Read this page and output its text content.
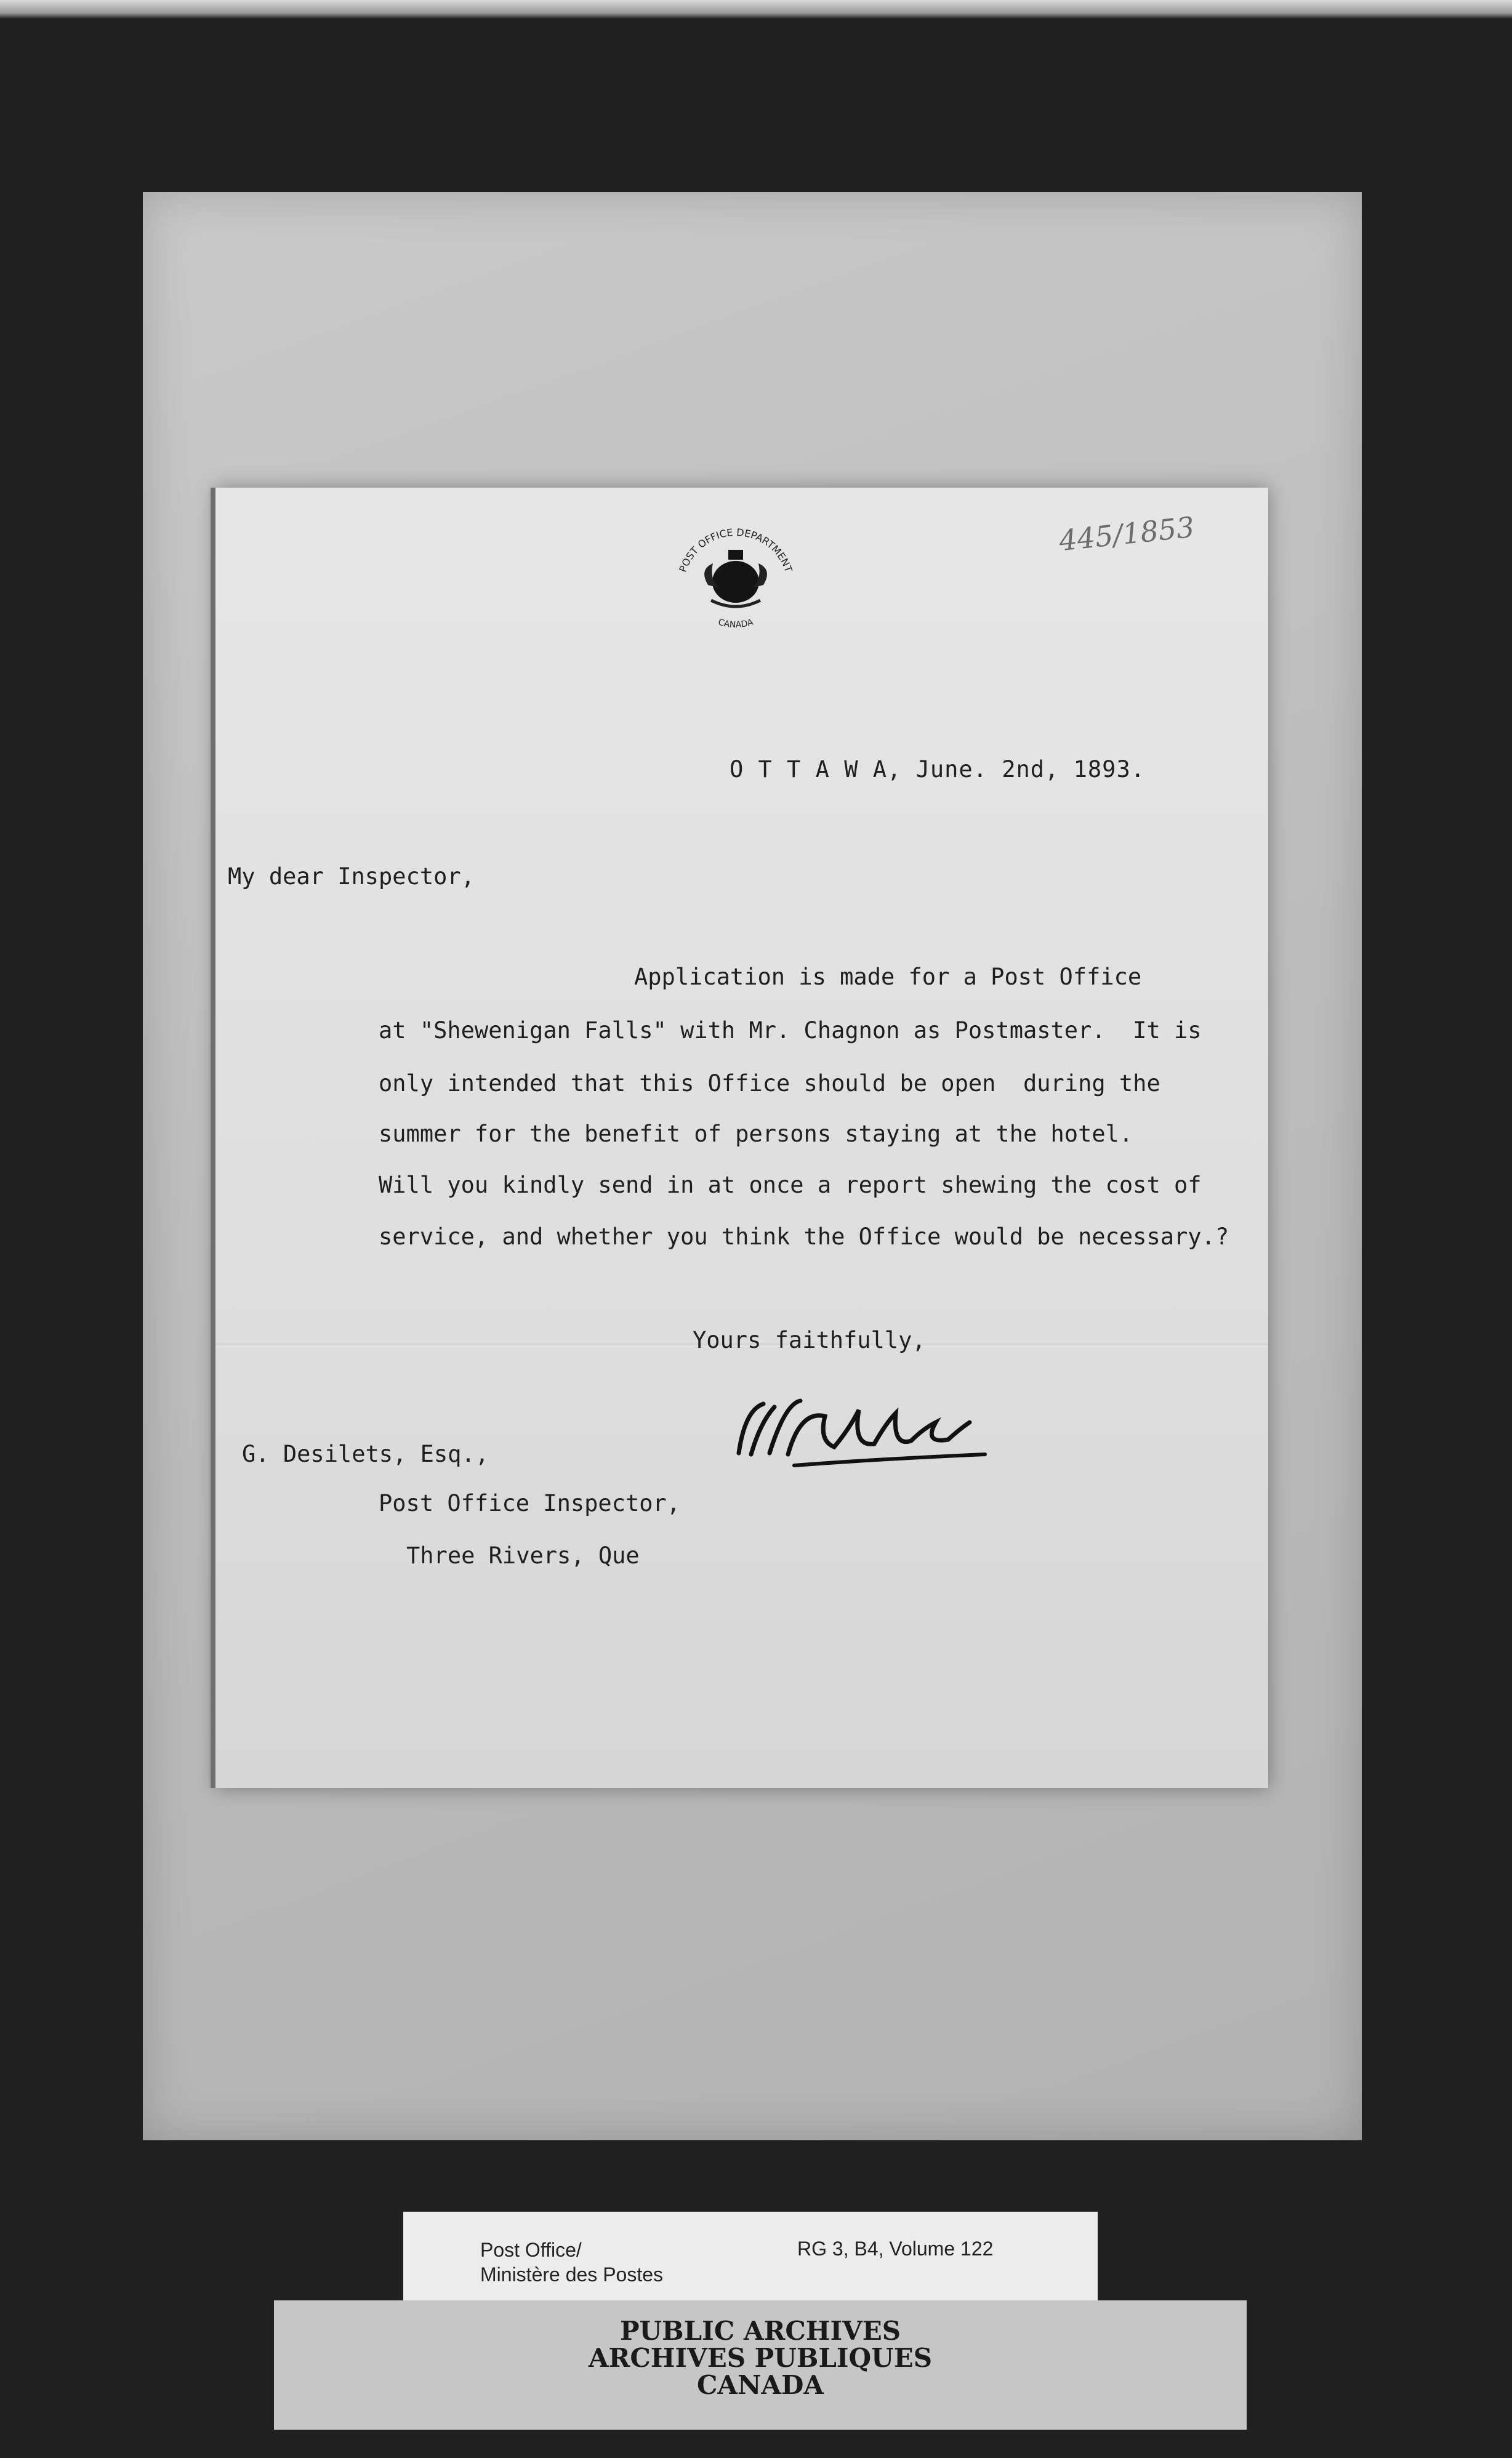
POST OFFICE DEPARTMENT
CANADA
445/1853
O T T A W A, June. 2nd, 1893.
My dear Inspector,
Application is made for a Post Office
at "Shewenigan Falls" with Mr. Chagnon as Postmaster.  It is
only intended that this Office should be open  during the
summer for the benefit of persons staying at the hotel.
Will you kindly send in at once a report shewing the cost of
service, and whether you think the Office would be necessary.?
Yours faithfully,
G. Desilets, Esq.,
Post Office Inspector,
Three Rivers, Que
Post Office/
Ministère des Postes
RG 3, B4, Volume 122
PUBLIC ARCHIVES
ARCHIVES PUBLIQUES
CANADA
